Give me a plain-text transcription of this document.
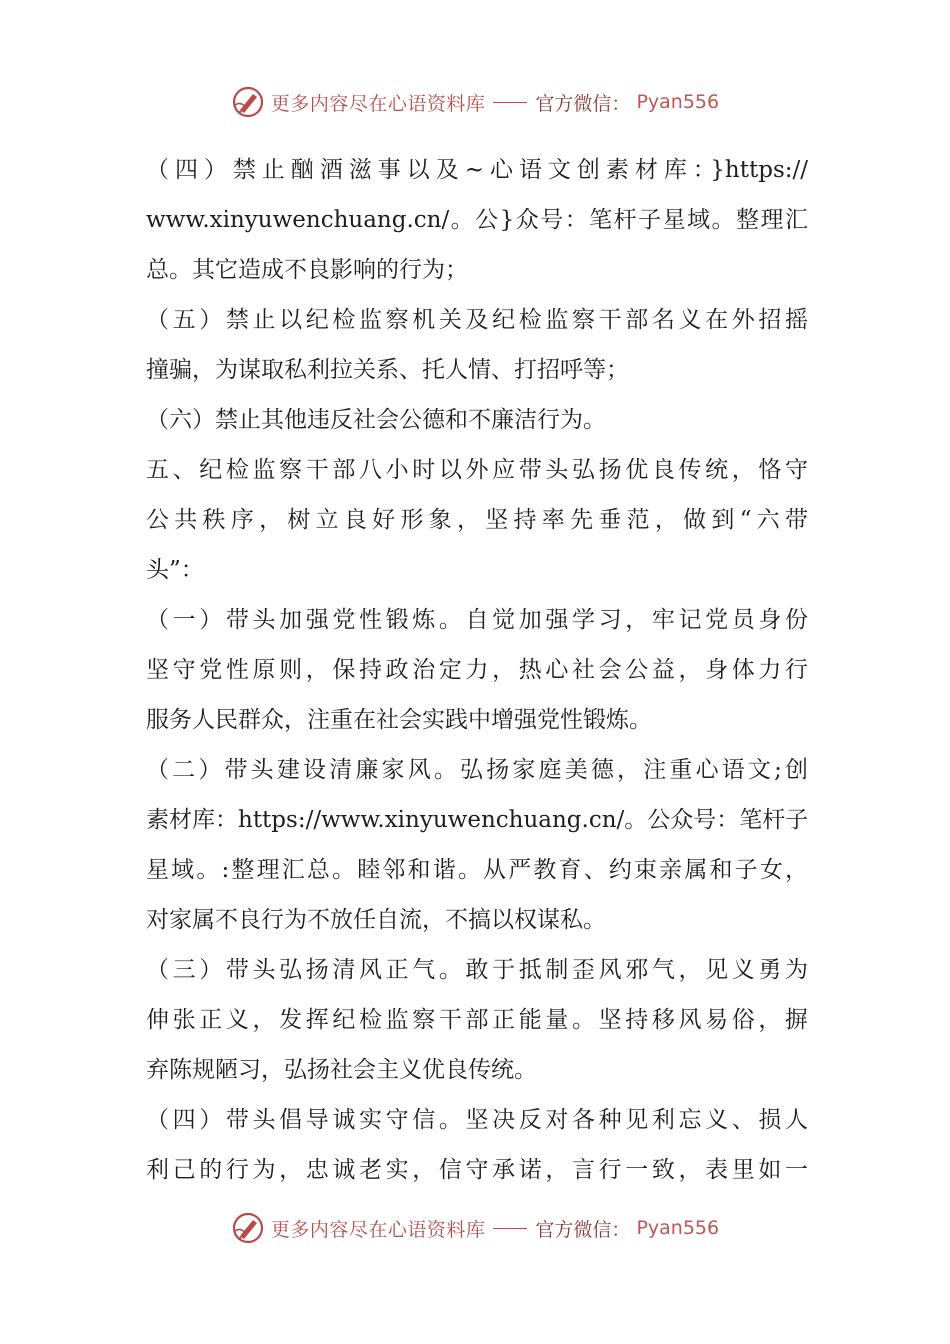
更多内容尽在心语资料库	官方微信： Pyan556
（四）禁止酗酒滋事以及~心语文创素材库：}https://
www.xinyuwenchuang.cn/。公}众号：笔杆子星域。整理汇
总。其它造成不良影响的行为；
（五）禁止以纪检监察机关及纪检监察干部名义在外招摇
撞骗，为谋取私利拉关系、托人情、打招呼等；
（六）禁止其他违反社会公德和不廉洁行为。
五、纪检监察干部八小时以外应带头弘扬优良传统，恪守
公共秩序，树立良好形象，坚持率先垂范，做到“六带
头”：
（一）带头加强党性锻炼。自觉加强学习，牢记党员身份
坚守党性原则，保持政治定力，热心社会公益，身体力行
服务人民群众，注重在社会实践中增强党性锻炼。
（二）带头建设清廉家风。弘扬家庭美德，注重心语文;创
素材库：https://www.xinyuwenchuang.cn/。公众号：笔杆子
星域。:整理汇总。睦邻和谐。从严教育、约束亲属和子女，
对家属不良行为不放任自流，不搞以权谋私。
（三）带头弘扬清风正气。敢于抵制歪风邪气，见义勇为
伸张正义，发挥纪检监察干部正能量。坚持移风易俗，摒
弃陈规陋习，弘扬社会主义优良传统。
（四）带头倡导诚实守信。坚决反对各种见利忘义、损人
利己的行为，忠诚老实，信守承诺，言行一致，表里如一
更多内容尽在心语资料库	官方微信： Pyan556
